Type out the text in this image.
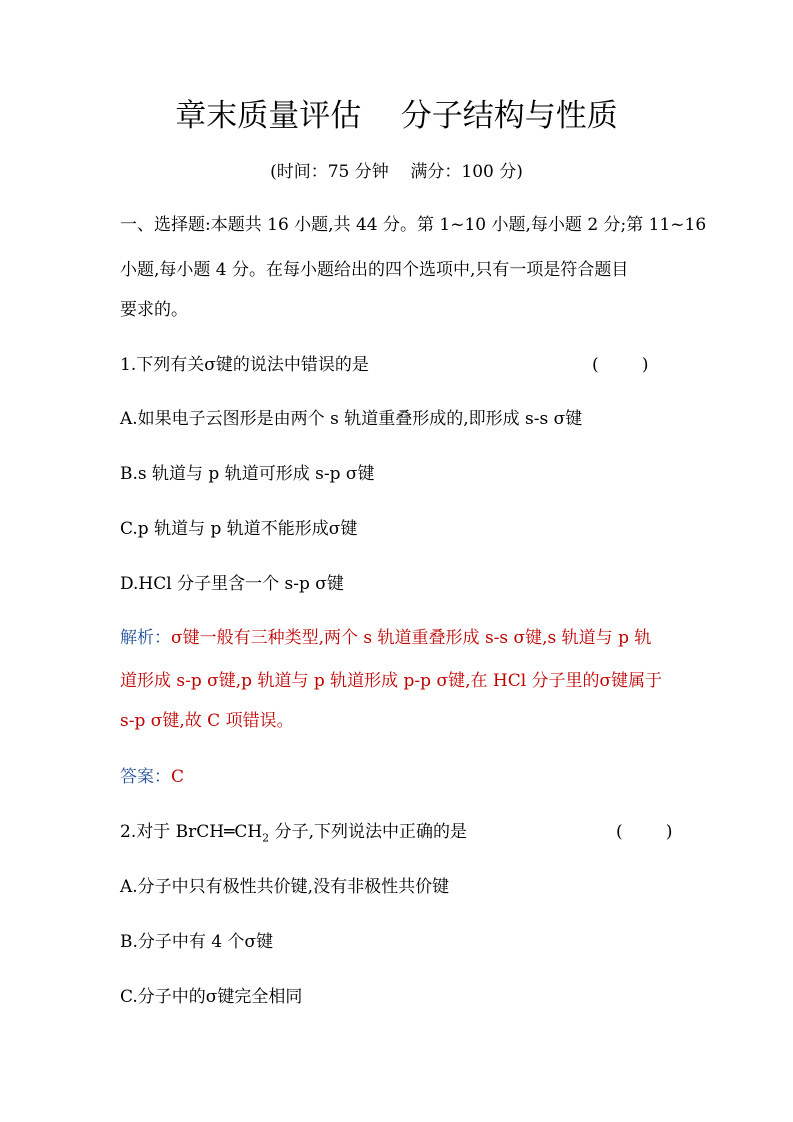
章末质量评估    分子结构与性质
(时间：75 分钟    满分：100 分)
一、选择题:本题共 16 小题,共 44 分。第 1~10 小题,每小题 2 分;第 11~16
小题,每小题 4 分。在每小题给出的四个选项中,只有一项是符合题目
要求的。
1.下列有关σ键的说法中错误的是	(        )
A.如果电子云图形是由两个 s 轨道重叠形成的,即形成 s-s σ键
B.s 轨道与 p 轨道可形成 s-p σ键
C.p 轨道与 p 轨道不能形成σ键
D.HCl 分子里含一个 s-p σ键
解析：σ键一般有三种类型,两个 s 轨道重叠形成 s-s σ键,s 轨道与 p 轨
道形成 s-p σ键,p 轨道与 p 轨道形成 p-p σ键,在 HCl 分子里的σ键属于
s-p σ键,故 C 项错误。
答案：C
2.对于 $BrCH═CH_2$ 分子,下列说法中正确的是	(        )
A.分子中只有极性共价键,没有非极性共价键
B.分子中有 4 个σ键
C.分子中的σ键完全相同
